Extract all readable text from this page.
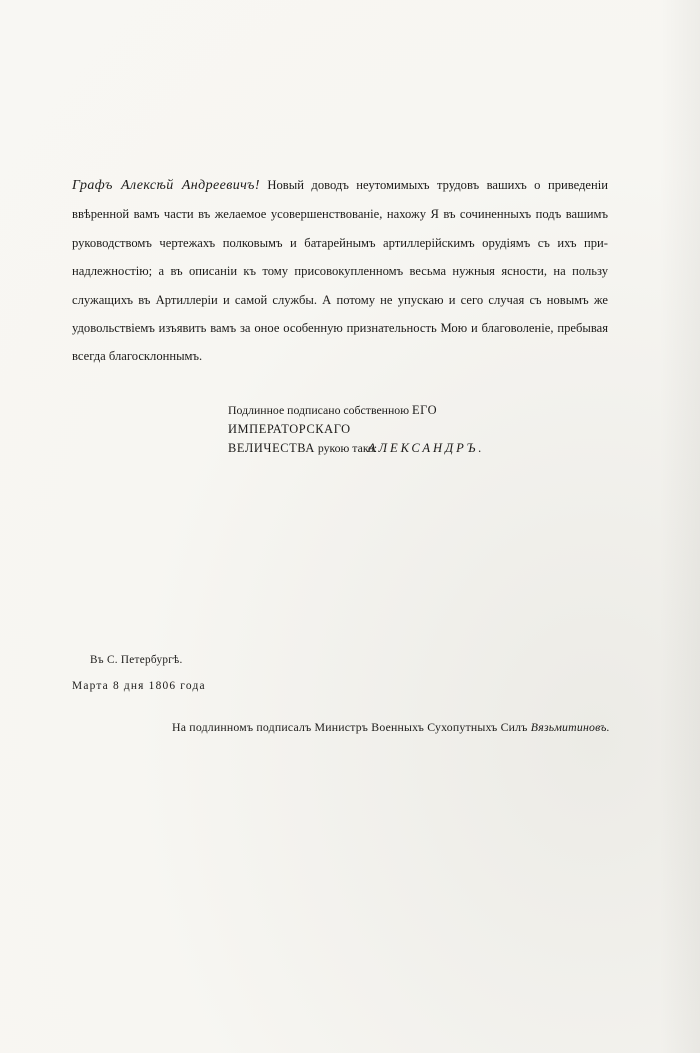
Графъ Алексѣй Андреевичъ! Новый доводъ неутомимыхъ трудовъ вашихъ о приведеніи
ввѣренной вамъ части въ желаемое усовершенствованіе, нахожу Я въ сочиненныхъ подъ вашимъ
руководствомъ чертежахъ полковымъ и батарейнымъ артиллерійскимъ орудіямъ съ ихъ при-
надлежностію; а въ описаніи къ тому присовокупленномъ весьма нужныя ясности, на пользу
служащихъ въ Артиллеріи и самой службы. А потому не упускаю и сего случая съ новымъ же
удовольствіемъ изъявить вамъ за оное особенную признательность Мою и благоволеніе, пребывая
всегда благосклоннымъ.
Подлинное подписано собственною ЕГО ИМПЕРАТОРСКАГО
ВЕЛИЧЕСТВА рукою тако:
АЛЕКСАНДРЪ.
Въ С. Петербургѣ.
Марта 8 дня 1806 года
На подлинномъ подписалъ Министръ Военныхъ Сухопутныхъ Силъ Вязьмитиновъ.
